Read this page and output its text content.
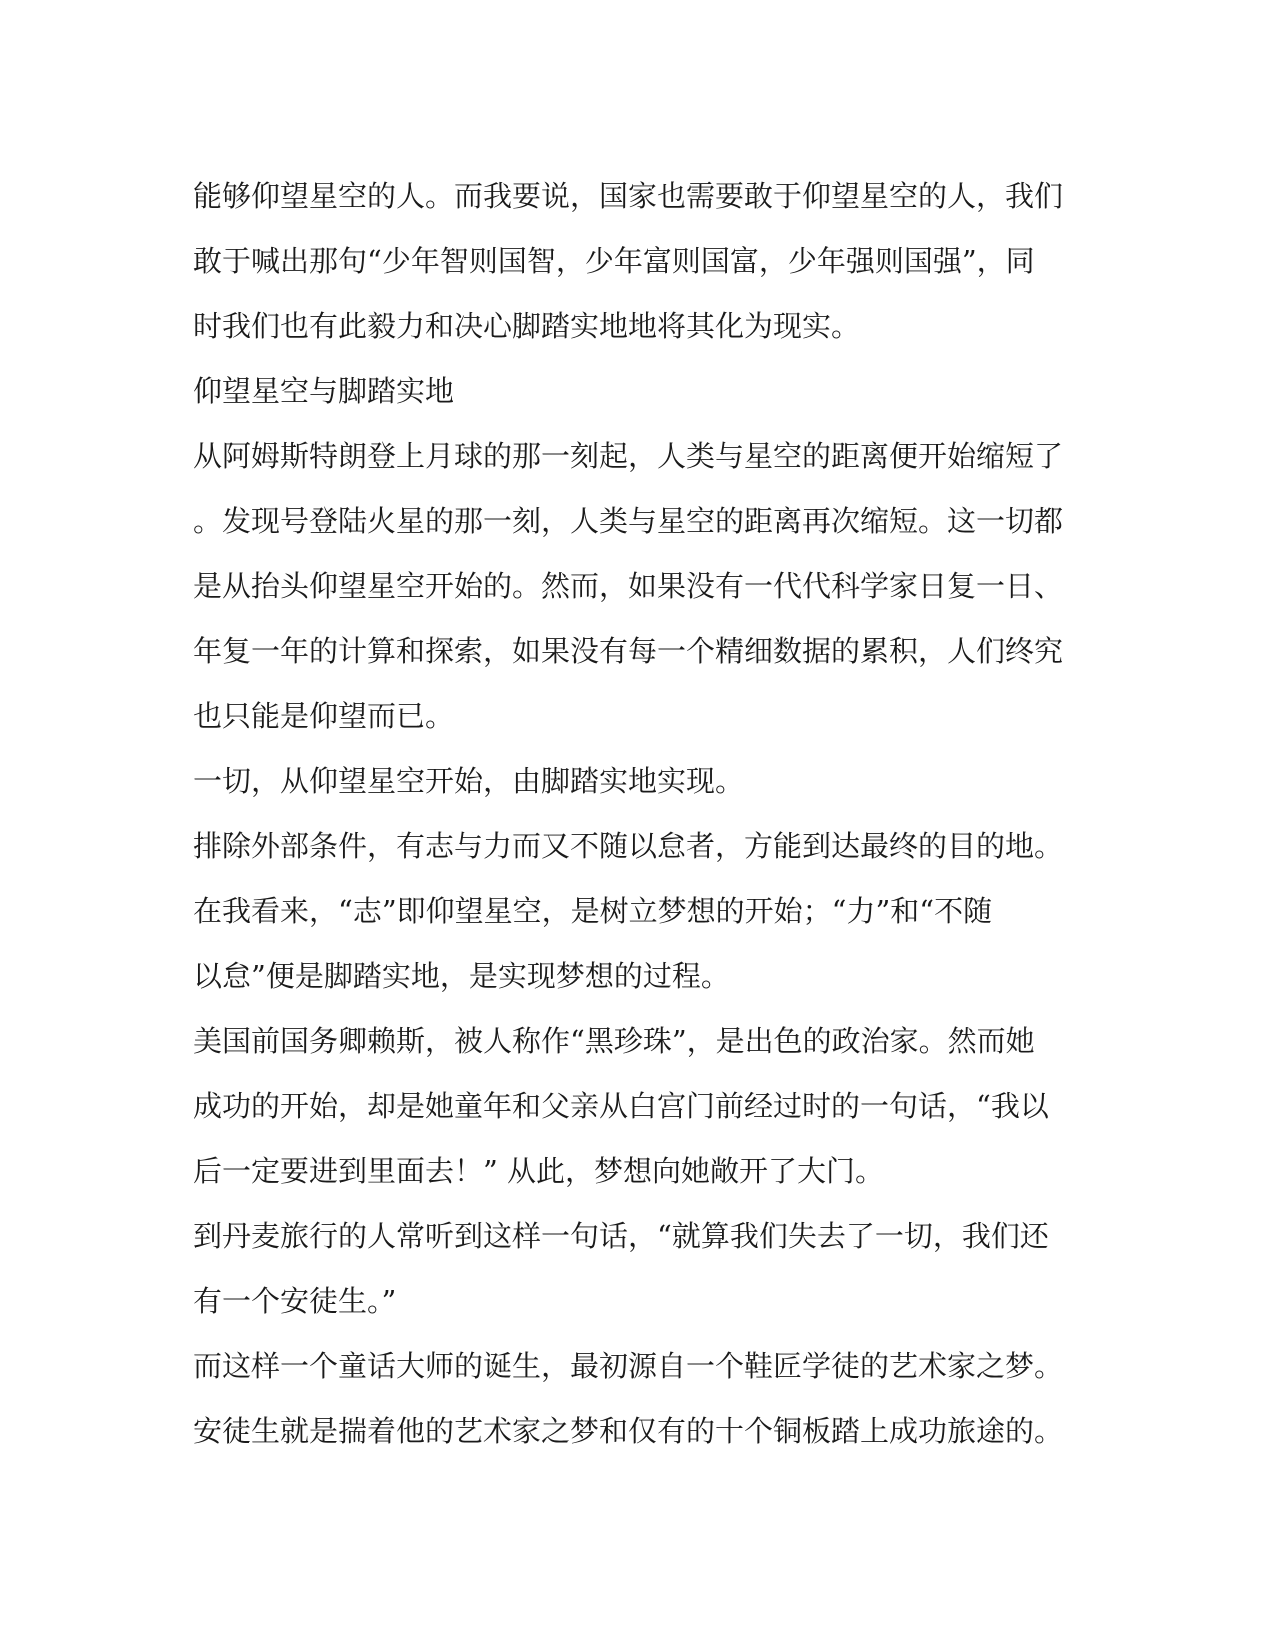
能够仰望星空的人。而我要说，国家也需要敢于仰望星空的人，我们
敢于喊出那句“少年智则国智，少年富则国富，少年强则国强”，同
时我们也有此毅力和决心脚踏实地地将其化为现实。
仰望星空与脚踏实地
从阿姆斯特朗登上月球的那一刻起，人类与星空的距离便开始缩短了
。发现号登陆火星的那一刻，人类与星空的距离再次缩短。这一切都
是从抬头仰望星空开始的。然而，如果没有一代代科学家日复一日、
年复一年的计算和探索，如果没有每一个精细数据的累积，人们终究
也只能是仰望而已。
一切，从仰望星空开始，由脚踏实地实现。
排除外部条件，有志与力而又不随以怠者，方能到达最终的目的地。
在我看来，“志”即仰望星空，是树立梦想的开始；“力”和“不随
以怠”便是脚踏实地，是实现梦想的过程。
美国前国务卿赖斯，被人称作“黑珍珠”，是出色的政治家。然而她
成功的开始，却是她童年和父亲从白宫门前经过时的一句话，“我以
后一定要进到里面去！” 从此，梦想向她敞开了大门。
到丹麦旅行的人常听到这样一句话，“就算我们失去了一切，我们还
有一个安徒生。”
而这样一个童话大师的诞生，最初源自一个鞋匠学徒的艺术家之梦。
安徒生就是揣着他的艺术家之梦和仅有的十个铜板踏上成功旅途的。
